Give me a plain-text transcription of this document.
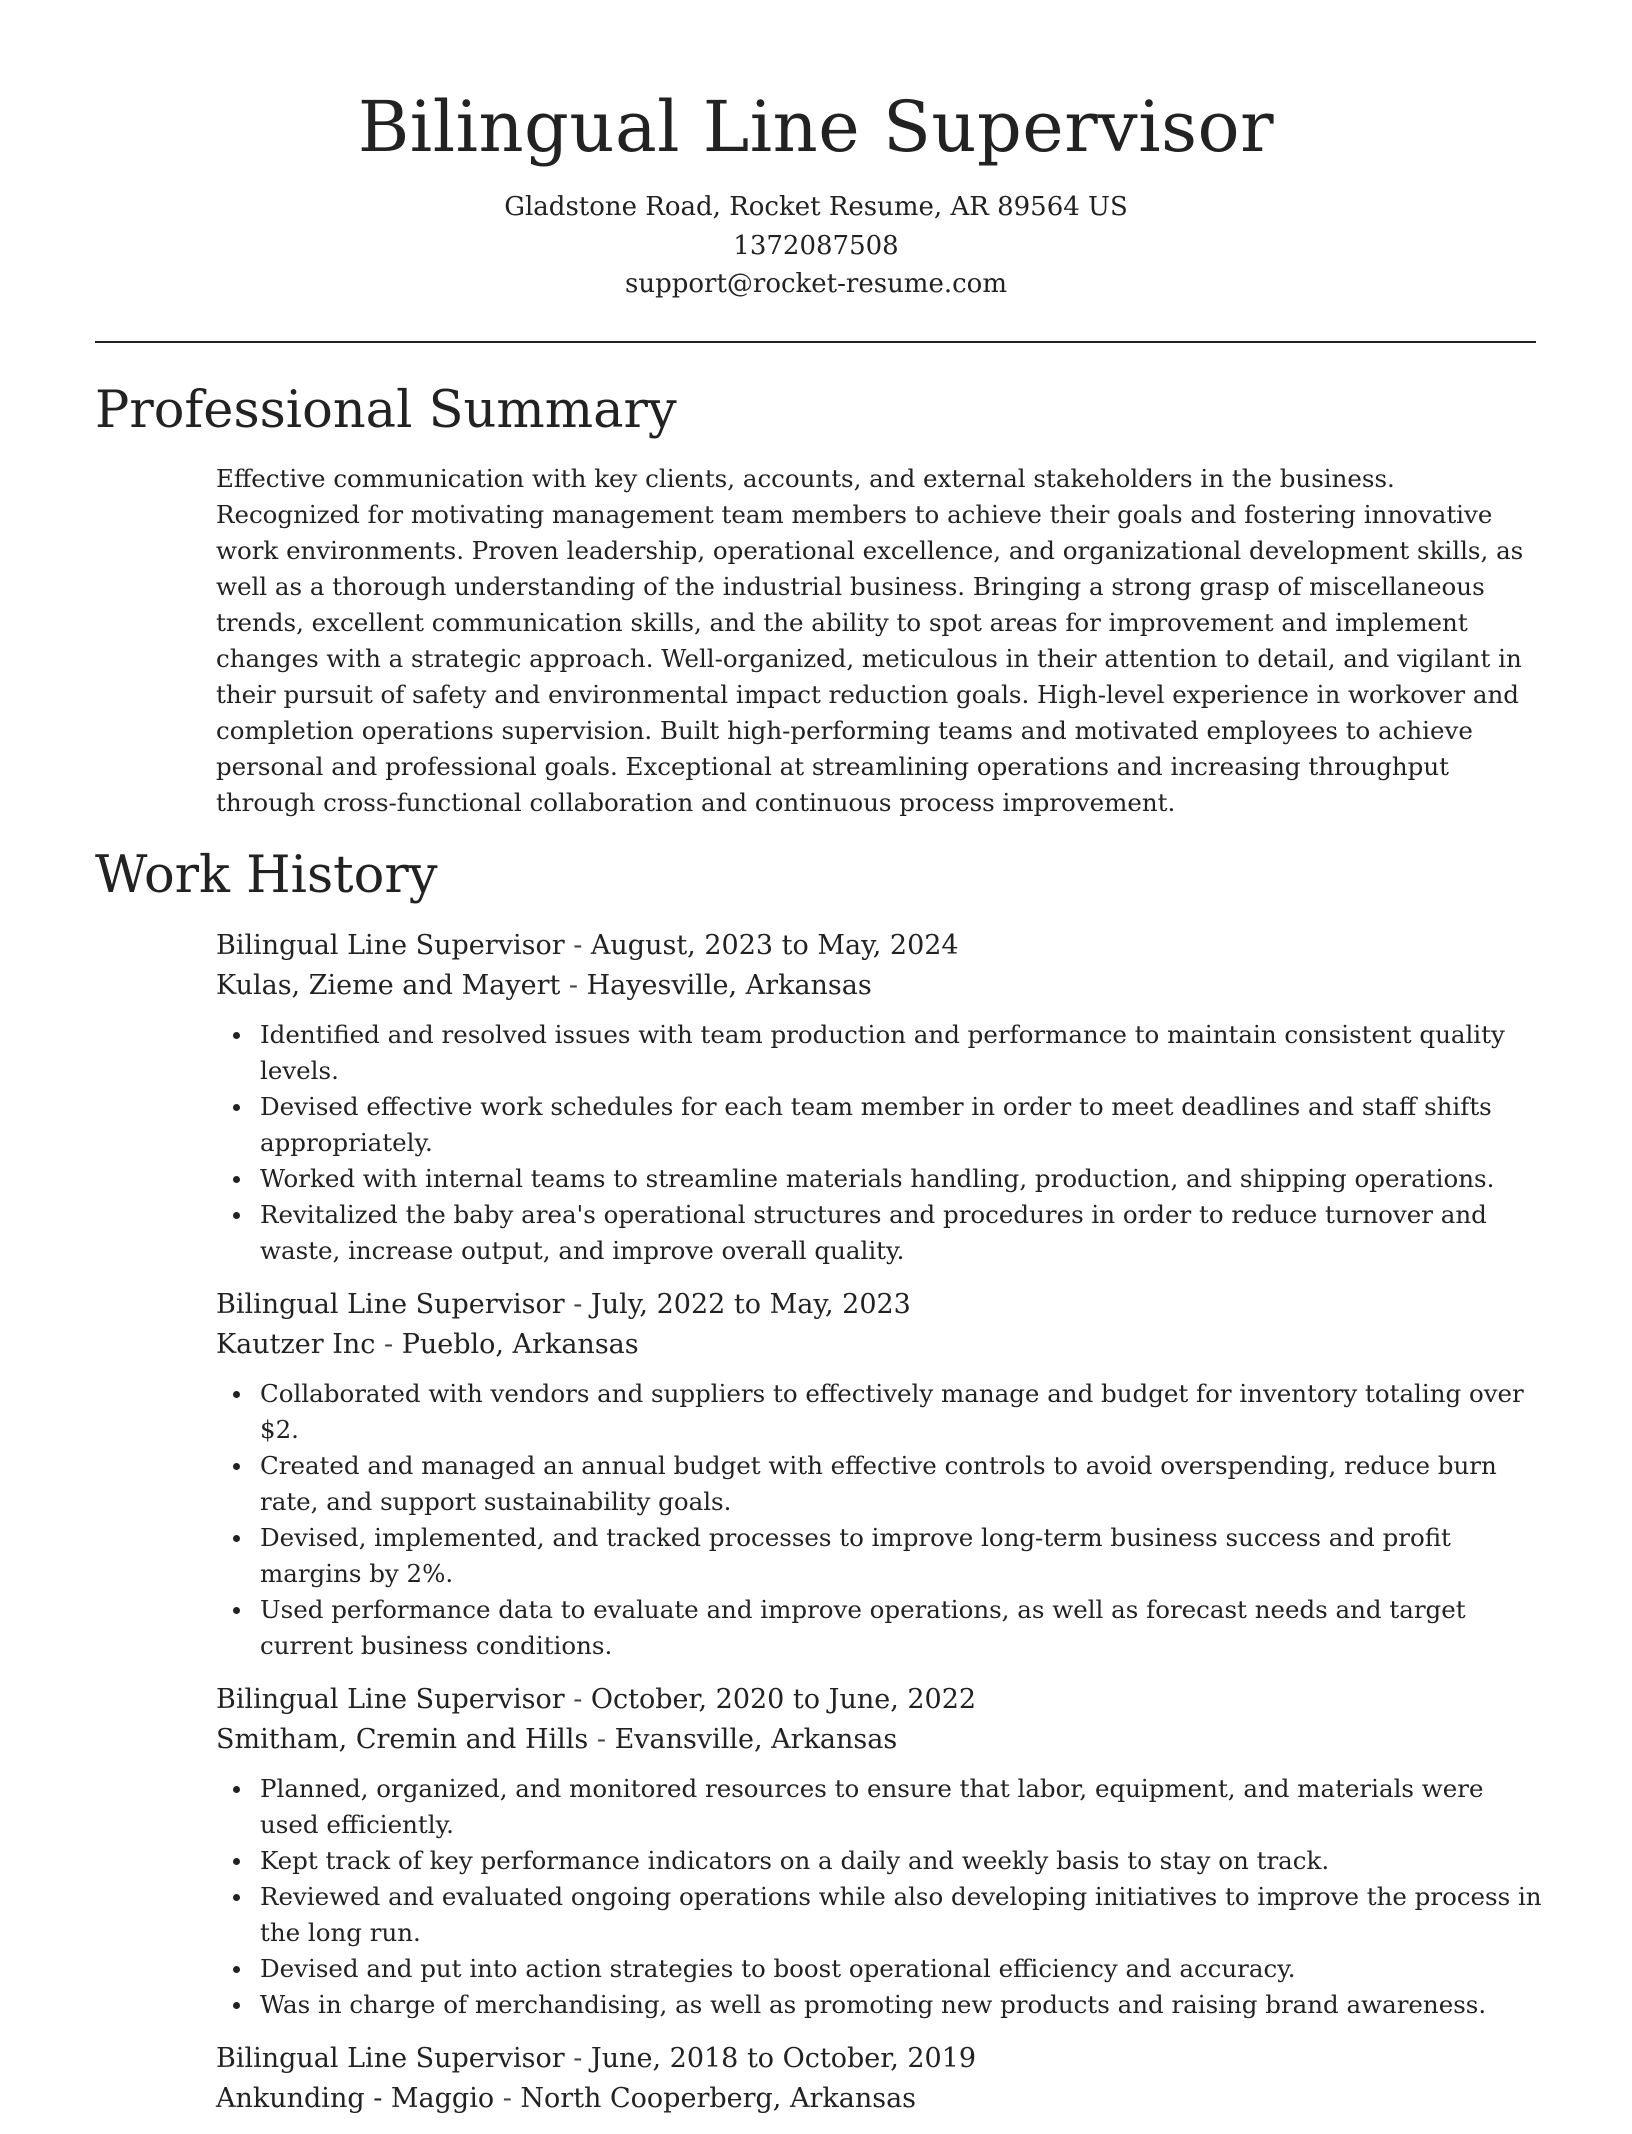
Bilingual Line Supervisor

Gladstone Road, Rocket Resume, AR 89564 US

1372087508

support@rocket-resume.com

Professional Summary

Effective communication with key clients, accounts, and external stakeholders in the business. Recognized for motivating management team members to achieve their goals and fostering innovative work environments. Proven leadership, operational excellence, and organizational development skills, as well as a thorough understanding of the industrial business. Bringing a strong grasp of miscellaneous trends, excellent communication skills, and the ability to spot areas for improvement and implement changes with a strategic approach. Well-organized, meticulous in their attention to detail, and vigilant in their pursuit of safety and environmental impact reduction goals. High-level experience in workover and completion operations supervision. Built high-performing teams and motivated employees to achieve personal and professional goals. Exceptional at streamlining operations and increasing throughput through cross-functional collaboration and continuous process improvement.

Work History

Bilingual Line Supervisor - August, 2023 to May, 2024

Kulas, Zieme and Mayert - Hayesville, Arkansas

Identified and resolved issues with team production and performance to maintain consistent quality levels.
Devised effective work schedules for each team member in order to meet deadlines and staff shifts appropriately.
Worked with internal teams to streamline materials handling, production, and shipping operations.
Revitalized the baby area's operational structures and procedures in order to reduce turnover and waste, increase output, and improve overall quality.

Bilingual Line Supervisor - July, 2022 to May, 2023

Kautzer Inc - Pueblo, Arkansas

Collaborated with vendors and suppliers to effectively manage and budget for inventory totaling over $2.
Created and managed an annual budget with effective controls to avoid overspending, reduce burn rate, and support sustainability goals.
Devised, implemented, and tracked processes to improve long-term business success and profit margins by 2%.
Used performance data to evaluate and improve operations, as well as forecast needs and target current business conditions.

Bilingual Line Supervisor - October, 2020 to June, 2022

Smitham, Cremin and Hills - Evansville, Arkansas

Planned, organized, and monitored resources to ensure that labor, equipment, and materials were used efficiently.
Kept track of key performance indicators on a daily and weekly basis to stay on track.
Reviewed and evaluated ongoing operations while also developing initiatives to improve the process in the long run.
Devised and put into action strategies to boost operational efficiency and accuracy.
Was in charge of merchandising, as well as promoting new products and raising brand awareness.

Bilingual Line Supervisor - June, 2018 to October, 2019

Ankunding - Maggio - North Cooperberg, Arkansas
